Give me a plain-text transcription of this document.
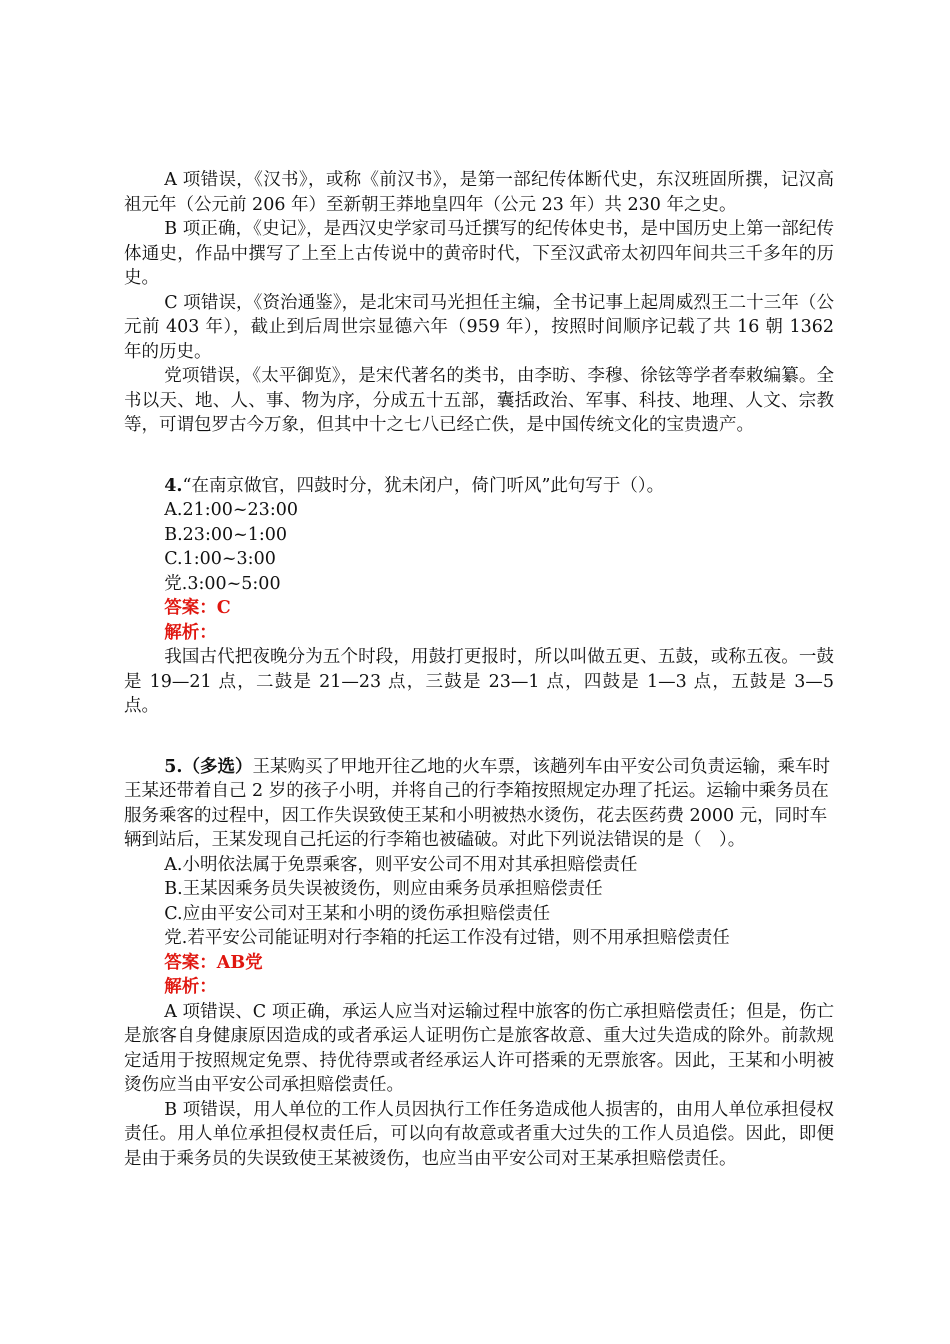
A 项错误，《汉书》，或称《前汉书》，是第一部纪传体断代史，东汉班固所撰，记汉高祖元年（公元前 206 年）至新朝王莽地皇四年（公元 23 年）共 230 年之史。

B 项正确，《史记》，是西汉史学家司马迁撰写的纪传体史书，是中国历史上第一部纪传体通史，作品中撰写了上至上古传说中的黄帝时代，下至汉武帝太初四年间共三千多年的历史。

C 项错误，《资治通鉴》，是北宋司马光担任主编，全书记事上起周威烈王二十三年（公元前 403 年），截止到后周世宗显德六年（959 年），按照时间顺序记载了共 16 朝 1362 年的历史。

党项错误，《太平御览》，是宋代著名的类书，由李昉、李穆、徐铉等学者奉敕编纂。全书以天、地、人、事、物为序，分成五十五部，囊括政治、军事、科技、地理、人文、宗教等，可谓包罗古今万象，但其中十之七八已经亡佚，是中国传统文化的宝贵遗产。

4.“在南京做官，四鼓时分，犹未闭户，倚门听风”此句写于（）。

A.21:00~23:00

B.23:00~1:00

C.1:00~3:00

党.3:00~5:00

答案：C

解析：

我国古代把夜晚分为五个时段，用鼓打更报时，所以叫做五更、五鼓，或称五夜。一鼓是 19—21 点，二鼓是 21—23 点，三鼓是 23—1 点，四鼓是 1—3 点，五鼓是 3—5 点。

5.（多选）王某购买了甲地开往乙地的火车票，该趟列车由平安公司负责运输，乘车时王某还带着自己 2 岁的孩子小明，并将自己的行李箱按照规定办理了托运。运输中乘务员在服务乘客的过程中，因工作失误致使王某和小明被热水烫伤，花去医药费 2000 元，同时车辆到站后，王某发现自己托运的行李箱也被磕破。对此下列说法错误的是（　）。

A.小明依法属于免票乘客，则平安公司不用对其承担赔偿责任

B.王某因乘务员失误被烫伤，则应由乘务员承担赔偿责任

C.应由平安公司对王某和小明的烫伤承担赔偿责任

党.若平安公司能证明对行李箱的托运工作没有过错，则不用承担赔偿责任

答案：AB党

解析：

A 项错误、C 项正确，承运人应当对运输过程中旅客的伤亡承担赔偿责任；但是，伤亡是旅客自身健康原因造成的或者承运人证明伤亡是旅客故意、重大过失造成的除外。前款规定适用于按照规定免票、持优待票或者经承运人许可搭乘的无票旅客。因此，王某和小明被烫伤应当由平安公司承担赔偿责任。

B 项错误，用人单位的工作人员因执行工作任务造成他人损害的，由用人单位承担侵权责任。用人单位承担侵权责任后，可以向有故意或者重大过失的工作人员追偿。因此，即便是由于乘务员的失误致使王某被烫伤，也应当由平安公司对王某承担赔偿责任。
